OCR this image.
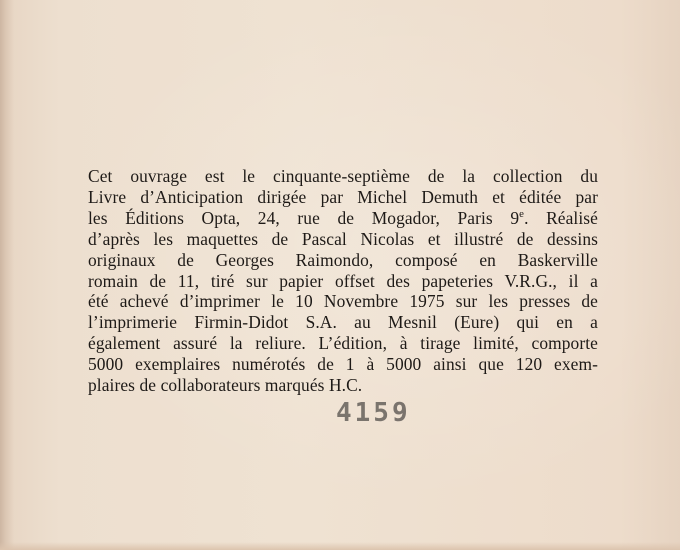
Cet ouvrage est le cinquante-septième de la collection du
Livre d’Anticipation dirigée par Michel Demuth et éditée par
les Éditions Opta, 24, rue de Mogador, Paris 9e. Réalisé
d’après les maquettes de Pascal Nicolas et illustré de dessins
originaux de Georges Raimondo, composé en Baskerville
romain de 11, tiré sur papier offset des papeteries V.R.G., il a
été achevé d’imprimer le 10 Novembre 1975 sur les presses de
l’imprimerie Firmin-Didot S.A. au Mesnil (Eure) qui en a
également assuré la reliure. L’édition, à tirage limité, comporte
5000 exemplaires numérotés de 1 à 5000 ainsi que 120 exem-
plaires de collaborateurs marqués H.C.
4159
